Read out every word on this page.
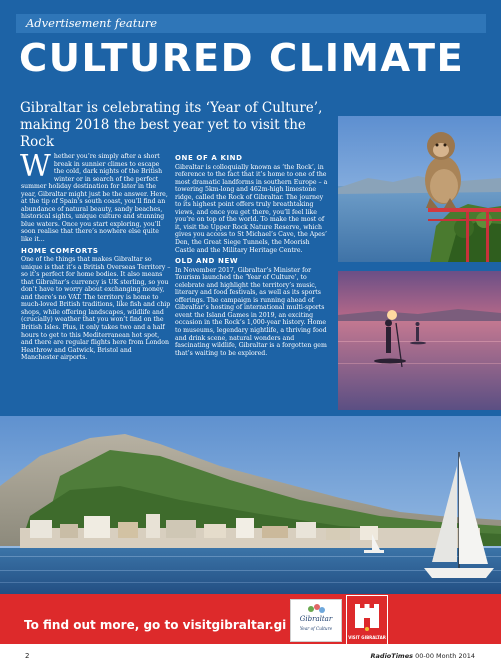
Advertisement feature
CULTURED CLIMATE
Gibraltar is celebrating its ‘Year of Culture’, making 2018 the best year yet to visit the Rock

Whether you’re simply after a short break in sunnier climes to escape the cold, dark nights of the British winter or in search of the perfect summer holiday destination for later in the year, Gibraltar might just be the answer. Here, at the tip of Spain’s south coast, you’ll find an abundance of natural beauty, sandy beaches, historical sights, unique culture and stunning blue waters. Once you start exploring, you’ll soon realise that there’s nowhere else quite like it...

HOME COMFORTS

One of the things that makes Gibraltar so unique is that it’s a British Overseas Territory – so it’s perfect for home bodies. It also means that Gibraltar’s currency is UK sterling, so you don’t have to worry about exchanging money, and there’s no VAT. The territory is home to much-loved British traditions, like fish and chip shops, while offering landscapes, wildlife and (crucially) weather that you won’t find on the British Isles. Plus, it only takes two and a half hours to get to this Mediterranean hot spot, and there are regular flights here from London Heathrow and Gatwick, Bristol and Manchester airports.

ONE OF A KIND

Gibraltar is colloquially known as ‘the Rock’, in reference to the fact that it’s home to one of the most dramatic landforms in southern Europe – a towering 5km-long and 462m-high limestone ridge, called the Rock of Gibraltar. The journey to its highest point offers truly breathtaking views, and once you get there, you’ll feel like you’re on top of the world. To make the most of it, visit the Upper Rock Nature Reserve, which gives you access to St Michael’s Cave, the Apes’ Den, the Great Siege Tunnels, the Moorish Castle and the Military Heritage Centre.

OLD AND NEW

In November 2017, Gibraltar’s Minister for Tourism launched the ‘Year of Culture’, to celebrate and highlight the territory’s music, literary and food festivals, as well as its sports offerings. The campaign is running ahead of Gibraltar’s hosting of international multi-sports event the Island Games in 2019, an exciting occasion in the Rock’s 1,000-year history. Home to museums, legendary nightlife, a thriving food and drink scene, natural wonders and fascinating wildlife, Gibraltar is a forgotten gem that’s waiting to be explored.

To find out more, go to visitgibraltar.gi	Gibraltar
Year of Culture
VISIT GIBRALTAR
2	RadioTimes 00-00 Month 2014
